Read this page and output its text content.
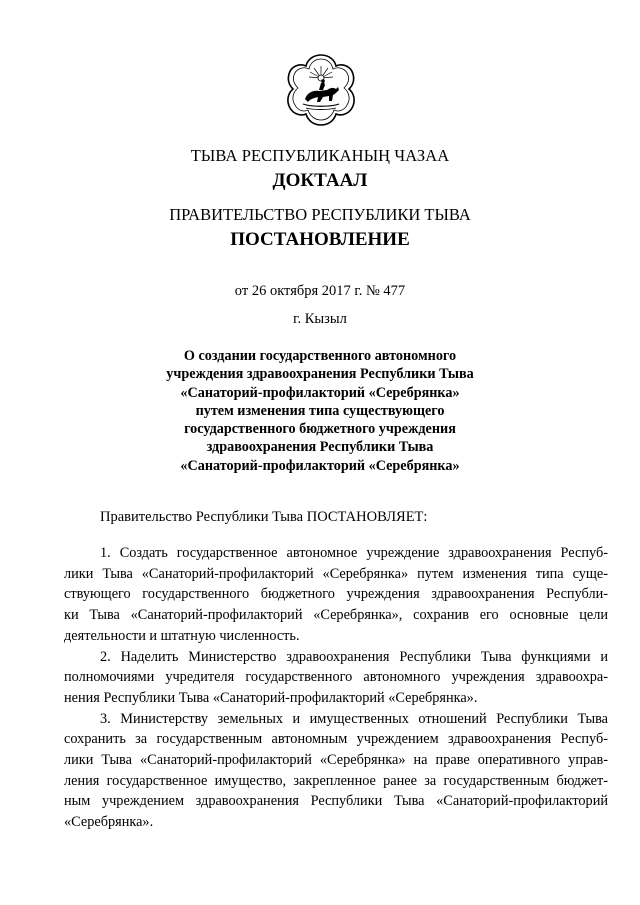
ТЫВА РЕСПУБЛИКАНЫҢ ЧАЗАА
ДОКТААЛ
ПРАВИТЕЛЬСТВО РЕСПУБЛИКИ ТЫВА
ПОСТАНОВЛЕНИЕ
от 26 октября 2017 г. № 477
г. Кызыл
О создании государственного автономного
учреждения здравоохранения Республики Тыва
«Санаторий-профилакторий «Серебрянка»
путем изменения типа существующего
государственного бюджетного учреждения
здравоохранения Республики Тыва
«Санаторий-профилакторий «Серебрянка»
Правительство Республики Тыва ПОСТАНОВЛЯЕТ:

1. Создать государственное автономное учреждение здравоохранения Респуб-
лики Тыва «Санаторий-профилакторий «Серебрянка» путем изменения типа суще-
ствующего государственного бюджетного учреждения здравоохранения Республи-
ки Тыва «Санаторий-профилакторий «Серебрянка», сохранив его основные цели
деятельности и штатную численность.

2. Наделить Министерство здравоохранения Республики Тыва функциями и
полномочиями учредителя государственного автономного учреждения здравоохра-
нения Республики Тыва «Санаторий-профилакторий «Серебрянка».

3. Министерству земельных и имущественных отношений Республики Тыва
сохранить за государственным автономным учреждением здравоохранения Респуб-
лики Тыва «Санаторий-профилакторий «Серебрянка» на праве оперативного управ-
ления государственное имущество, закрепленное ранее за государственным бюджет-
ным учреждением здравоохранения Республики Тыва «Санаторий-профилакторий
«Серебрянка».
